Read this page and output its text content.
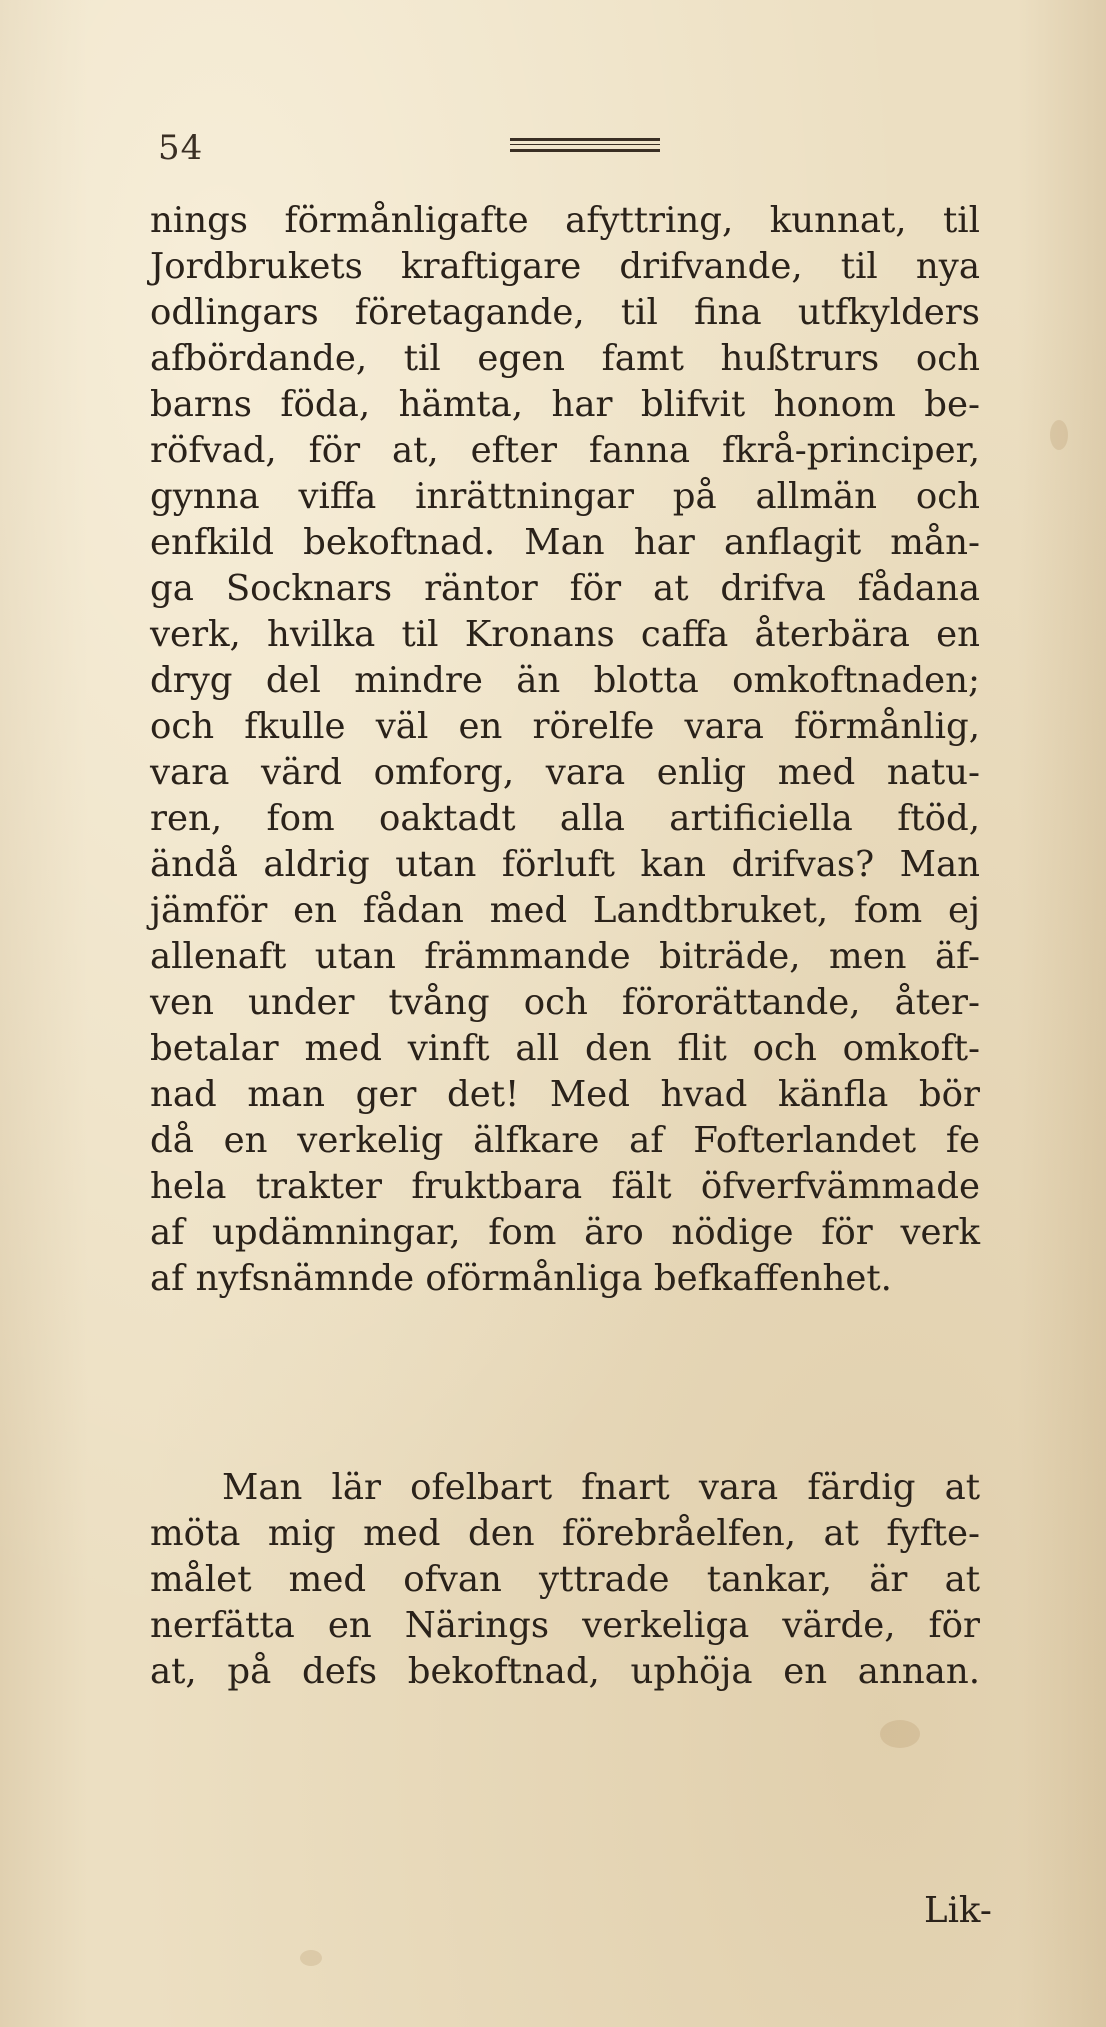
54
nings förmånligafte afyttring, kunnat, til
Jordbrukets kraftigare drifvande, til nya
odlingars företagande, til fina utfkylders
afbördande, til egen famt hußtrurs och
barns föda, hämta, har blifvit honom be-
röfvad, för at, efter fanna fkrå-principer,
gynna viffa inrättningar på allmän och
enfkild bekoftnad. Man har anflagit mån-
ga Socknars räntor för at drifva fådana
verk, hvilka til Kronans caffa återbära en
dryg del mindre än blotta omkoftnaden;
och fkulle väl en rörelfe vara förmånlig,
vara värd omforg, vara enlig med natu-
ren, fom oaktadt alla artificiella ftöd,
ändå aldrig utan förluft kan drifvas? Man
jämför en fådan med Landtbruket, fom ej
allenaft utan främmande biträde, men äf-
ven under tvång och förorättande, åter-
betalar med vinft all den flit och omkoft-
nad man ger det! Med hvad känfla bör
då en verkelig älfkare af Fofterlandet fe
hela trakter fruktbara fält öfverfvämmade
af updämningar, fom äro nödige för verk
af nyfsnämnde oförmånliga befkaffenhet.
Man lär ofelbart fnart vara färdig at
möta mig med den förebråelfen, at fyfte-
målet med ofvan yttrade tankar, är at
nerfätta en Närings verkeliga värde, för
at, på defs bekoftnad, uphöja en annan.
Lik-
